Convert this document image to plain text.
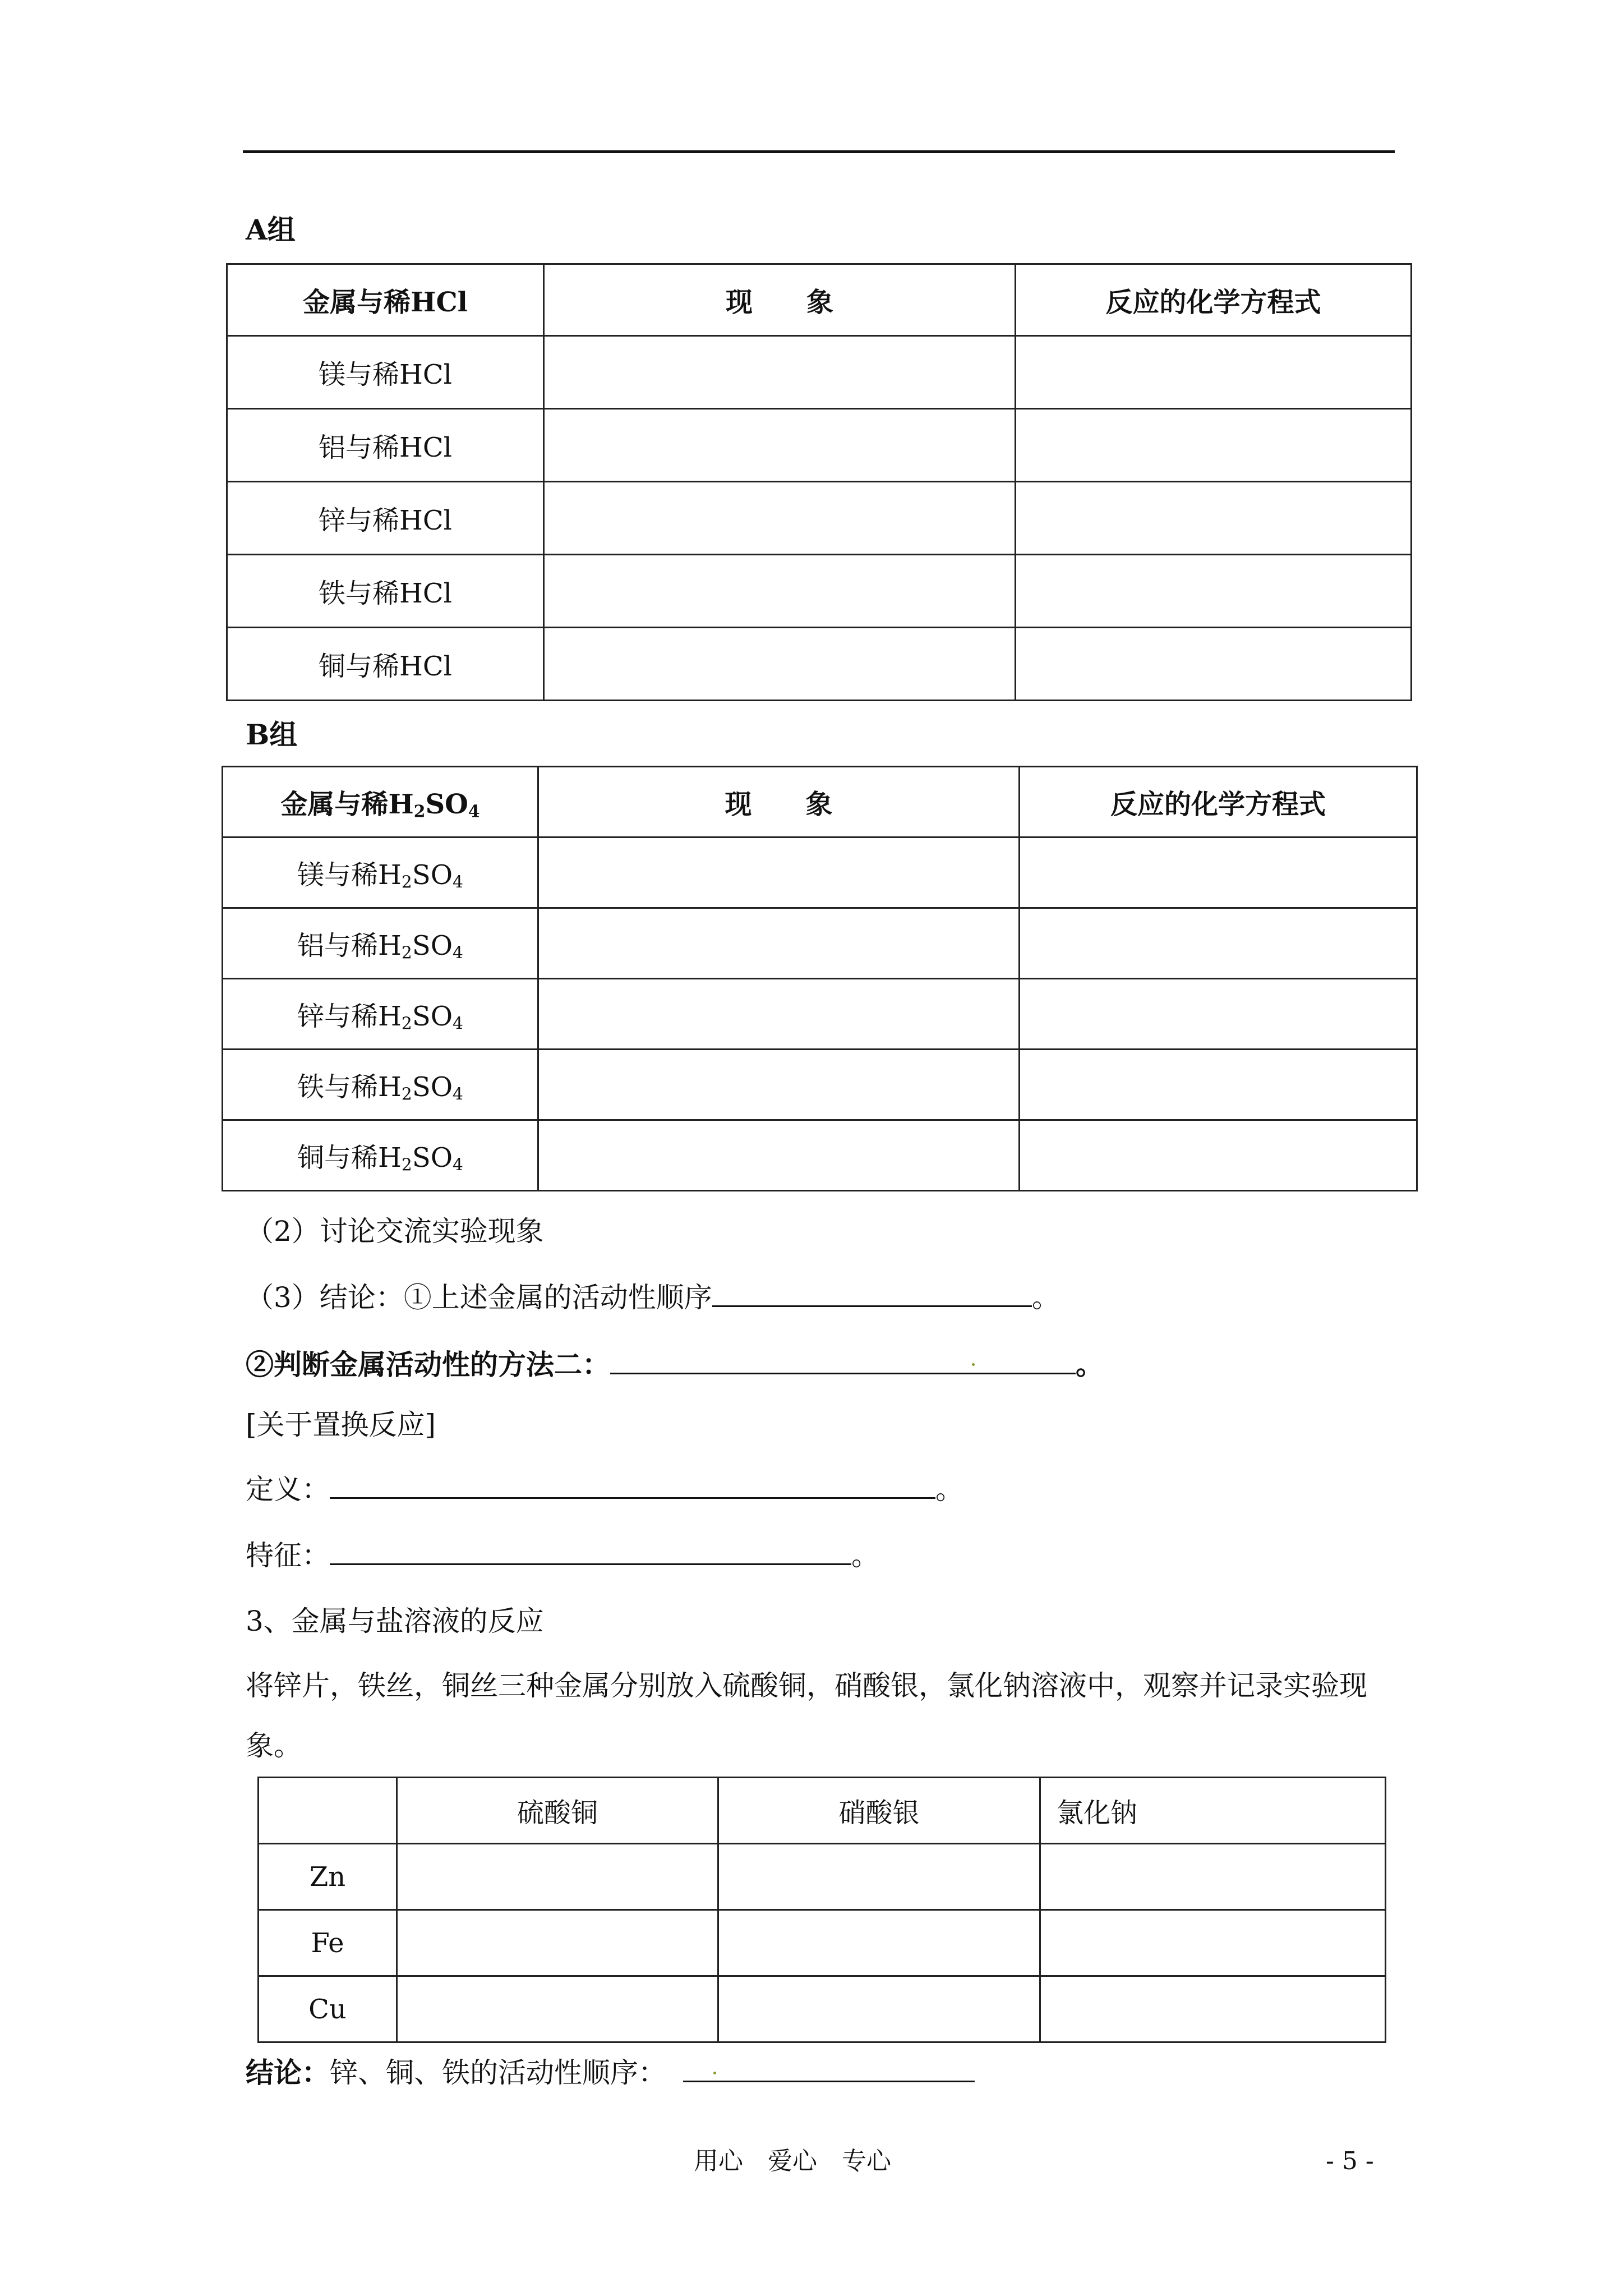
A组
金属与稀HCl	现　　象	反应的化学方程式
镁与稀HCl		
铝与稀HCl		
锌与稀HCl		
铁与稀HCl		
铜与稀HCl		
B组
金属与稀$H_2SO_4$	现　　象	反应的化学方程式
镁与稀$H_2SO_4$		
铝与稀$H_2SO_4$		
锌与稀$H_2SO_4$		
铁与稀$H_2SO_4$		
铜与稀$H_2SO_4$		
（2）讨论交流实验现象
（3）结论：①上述金属的活动性顺序	。
②判断金属活动性的方法二：	。
[关于置换反应]
定义：	。
特征：	。
3、金属与盐溶液的反应
将锌片，铁丝，铜丝三种金属分别放入硫酸铜，硝酸银，氯化钠溶液中，观察并记录实验现
象。
	硫酸铜	硝酸银	氯化钠
Zn			
Fe			
Cu			
结论：锌、铜、铁的活动性顺序：
用心　爱心　专心	- 5 -
